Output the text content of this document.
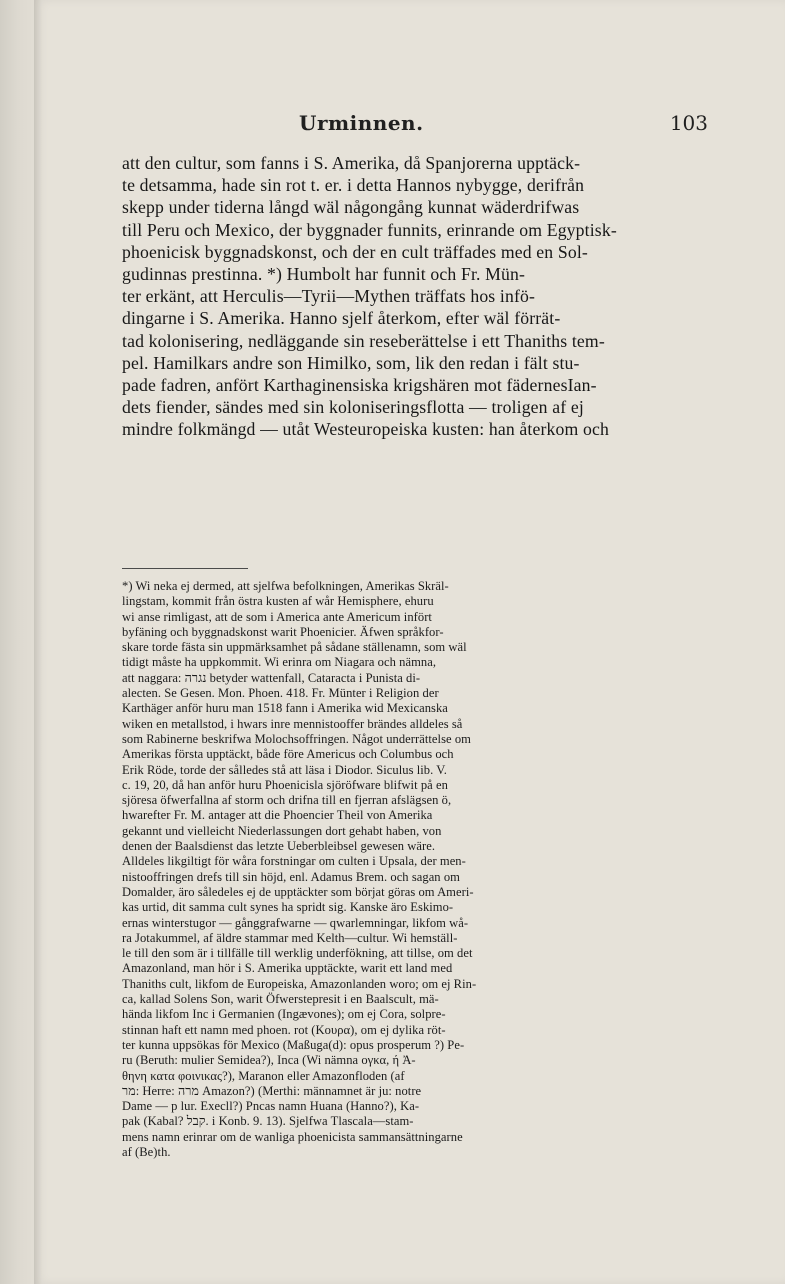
Urminnen.	103

att den cultur, som fanns i S. Amerika, då Spanjorerna upptäck-
te detsamma, hade sin rot t. er. i detta Hannos nybygge, derifrån
skepp under tiderna långd wäl någongång kunnat wäderdrifwas
till Peru och Mexico, der byggnader funnits, erinrande om Egyptisk-
phoenicisk byggnadskonst, och der en cult träffades med en Sol-
gudinnas prestinna. *) Humbolt har funnit och Fr. Mün-
ter erkänt, att Herculis—Tyrii—Mythen träffats hos infö-
dingarne i S. Amerika. Hanno sjelf återkom, efter wäl förrät-
tad kolonisering, nedläggande sin reseberättelse i ett Thaniths tem-
pel. Hamilkars andre son Himilko, som, lik den redan i fält stu-
pade fadren, anfört Karthaginensiska krigshären mot fädernesIan-
dets fiender, sändes med sin koloniseringsflotta — troligen af ej
mindre folkmängd — utåt Westeuropeiska kusten: han återkom och

*) Wi neka ej dermed, att sjelfwa befolkningen, Amerikas Skräl-
lingstam, kommit från östra kusten af wår Hemisphere, ehuru
wi anse rimligast, att de som i America ante Americum infört
byfäning och byggnadskonst warit Phoenicier. Äfwen språkfor-
skare torde fästa sin uppmärksamhet på sådane ställenamn, som wäl
tidigt måste ha uppkommit. Wi erinra om Niagara och nämna,
att naggara: נגרה betyder wattenfall, Cataracta i Punista di-
alecten. Se Gesen. Mon. Phoen. 418. Fr. Münter i Religion der
Karthäger anför huru man 1518 fann i Amerika wid Mexicanska
wiken en metallstod, i hwars inre mennistooffer brändes alldeles så
som Rabinerne beskrifwa Molochsoffringen. Något underrättelse om
Amerikas första upptäckt, både före Americus och Columbus och
Erik Röde, torde der sålledes stå att läsa i Diodor. Siculus lib. V.
c. 19, 20, då han anför huru Phoenicisla sjöröfware blifwit på en
sjöresa öfwerfallna af storm och drifna till en fjerran afslägsen ö,
hwarefter Fr. M. antager att die Phoencier Theil von Amerika
gekannt und vielleicht Niederlassungen dort gehabt haben, von
denen der Baalsdienst das letzte Ueberbleibsel gewesen wäre.
Alldeles likgiltigt för wåra forstningar om culten i Upsala, der men-
nistooffringen drefs till sin höjd, enl. Adamus Brem. och sagan om
Domalder, äro såledeles ej de upptäckter som börjat göras om Ameri-
kas urtid, dit samma cult synes ha spridt sig. Kanske äro Eskimo-
ernas winterstugor — gånggrafwarne — qwarlemningar, likfom wå-
ra Jotakummel, af äldre stammar med Kelth—cultur. Wi hemställ-
le till den som är i tillfälle till werklig underfökning, att tillse, om det
Amazonland, man hör i S. Amerika upptäckte, warit ett land med
Thaniths cult, likfom de Europeiska, Amazonlanden woro; om ej Rin-
ca, kallad Solens Son, warit Öfwerstepresit i en Baalscult, mä-
hända likfom Inc i Germanien (Ingævones); om ej Cora, solpre-
stinnan haft ett namn med phoen. rot (Κουρα), om ej dylika röt-
ter kunna uppsökas för Mexico (Maßuga(d): opus prosperum ?) Pe-
ru (Beruth: mulier Semidea?), Inca (Wi nämna ογκα, ή Ἀ-
θηνη κατα φοινικας?), Maranon eller Amazonfloden (af
מר: Herre: מרה Amazon?) (Merthi: männamnet är ju: notre
Dame — p lur. Execll?) Pncas namn Huana (Hanno?), Ka-
pak (Kabal? קבל. i Konb. 9. 13). Sjelfwa Tlascala—stam-
mens namn erinrar om de wanliga phoenicista sammansättningarne
af (Be)th.
